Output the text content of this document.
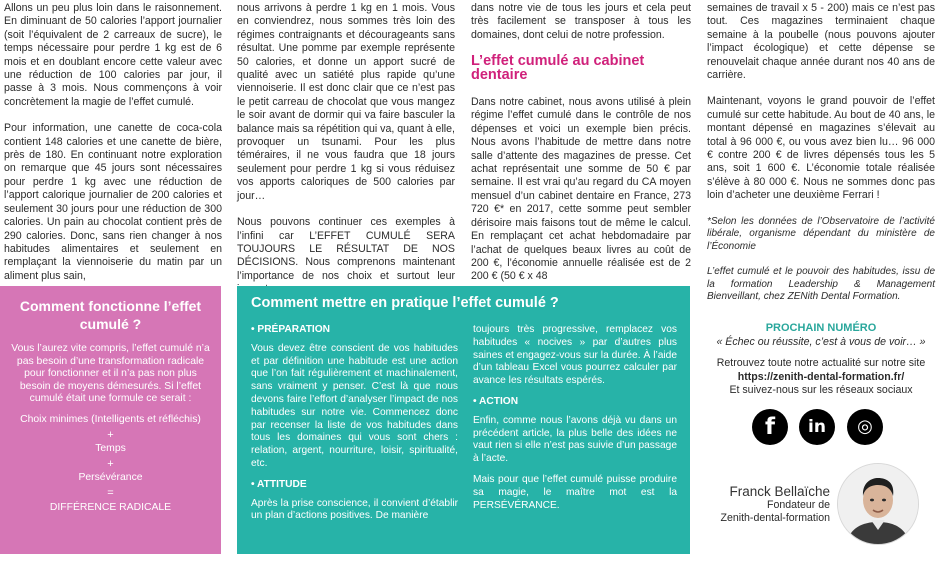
Allons un peu plus loin dans le raisonnement. En diminuant de 50 calories l’apport journalier (soit l’équivalent de 2 carreaux de sucre), le temps nécessaire pour perdre 1 kg est de 6 mois et en doublant encore cette valeur avec une réduction de 100 calories par jour, il passe à 3 mois. Nous commençons à voir concrètement la magie de l’effet cumulé.

Pour information, une canette de coca-cola contient 148 calories et une canette de bière, près de 180. En continuant notre exploration on remarque que 45 jours sont nécessaires pour perdre 1 kg avec une réduction de l’apport calorique journalier de 200 calories et seulement 30 jours pour une réduction de 300 calories. Un pain au chocolat contient près de 290 calories. Donc, sans rien changer à nos habitudes alimentaires et seulement en remplaçant la viennoiserie du matin par un aliment plus sain,

nous arrivons à perdre 1 kg en 1 mois. Vous en conviendrez, nous sommes très loin des régimes contraignants et décourageants sans résultat. Une pomme par exemple représente 50 calories, et donne un apport sucré de qualité avec un satiété plus rapide qu’une viennoiserie. Il est donc clair que ce n’est pas le petit carreau de chocolat que vous mangez le soir avant de dormir qui va faire basculer la balance mais sa répétition qui va, quant à elle, provoquer un tsunami. Pour les plus téméraires, il ne vous faudra que 18 jours seulement pour perdre 1 kg si vous réduisez vos apports caloriques de 500 calories par jour…

Nous pouvons continuer ces exemples à l’infini car L’EFFET CUMULÉ SERA TOUJOURS LE RÉSULTAT DE NOS DÉCISIONS. Nous comprenons maintenant l’importance de nos choix et surtout leur

dans notre vie de tous les jours et cela peut très facilement se transposer à tous les domaines, dont celui de notre profession.

L’effet cumulé au cabinet dentaire

Dans notre cabinet, nous avons utilisé à plein régime l’effet cumulé dans le contrôle de nos dépenses et voici un exemple bien précis. Nous avons l’habitude de mettre dans notre salle d’attente des magazines de presse. Cet achat représentait une somme de 50 € par semaine. Il est vrai qu’au regard du CA moyen mensuel d’un cabinet dentaire en France, 273 720 €* en 2017, cette somme peut sembler dérisoire mais faisons tout de même le calcul. En remplaçant cet achat hebdomadaire par l’achat de quelques beaux livres au coût de 200 €, l’économie annuelle réalisée est de 2 200 € (50 € x 48

semaines de travail x 5 - 200) mais ce n’est pas tout. Ces magazines terminaient chaque semaine à la poubelle (nous pouvons ajouter l’impact écologique) et cette dépense se renouvelait chaque année durant nos 40 ans de carrière.

Maintenant, voyons le grand pouvoir de l’effet cumulé sur cette habitude. Au bout de 40 ans, le montant dépensé en magazines s’élevait au total à 96 000 €, ou vous avez bien lu… 96 000 € contre 200 € de livres dépensés tous les 5 ans, soit 1 600 €. L’économie totale réalisée s’élève à 80 000 €. Nous ne sommes donc pas loin d’acheter une deuxième Ferrari !

*Selon les données de l’Observatoire de l’activité libérale, organisme dépendant du ministère de l’Économie

L’effet cumulé et le pouvoir des habitudes, issu de la formation Leadership & Management Bienveillant, chez ZENith Dental Formation.

Comment fonctionne l’effet cumulé ?
Vous l’aurez vite compris, l’effet cumulé n’a pas besoin d’une transformation radicale pour fonctionner et il n’a pas non plus besoin de moyens démesurés. Si l’effet cumulé était une formule ce serait :
Choix minimes (Intelligents et réfléchis)
+
Temps
+
Persévérance
=
DIFFÉRENCE RADICALE
Comment mettre en pratique l’effet cumulé ?

• PRÉPARATION

Vous devez être conscient de vos habitudes et par définition une habitude est une action que l’on fait régulièrement et machinalement, sans vraiment y penser. C’est là que nous devons faire l’effort d’analyser l’impact de nos habitudes sur notre vie. Commencez donc par recenser la liste de vos habitudes dans tous les domaines qui vous sont chers : relation, argent, nourriture, loisir, spiritualité, etc.

• ATTITUDE

Après la prise conscience, il convient d’établir un plan d’actions positives. De manière

toujours très progressive, remplacez vos habitudes « nocives » par d’autres plus saines et engagez-vous sur la durée. À l’aide d’un tableau Excel vous pourrez calculer par avance les résultats espérés.

• ACTION

Enfin, comme nous l’avons déjà vu dans un précédent article, la plus belle des idées ne vaut rien si elle n’est pas suivie d’un passage à l’acte.

Mais pour que l’effet cumulé puisse produire sa magie, le maître mot est la PERSÉVÉRANCE.

PROCHAIN NUMÉRO
« Échec ou réussite, c’est à vous de voir… »
Retrouvez toute notre actualité sur notre site
https://zenith-dental-formation.fr/
Et suivez-nous sur les réseaux sociaux
f	in	◎
Franck Bellaïche
Fondateur de
Zenith-dental-formation
